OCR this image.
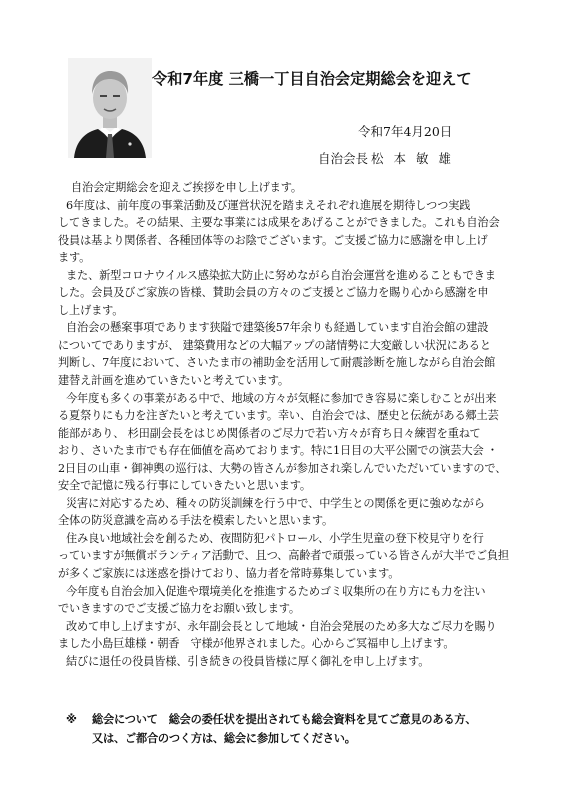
令和7年度 三橋一丁目自治会定期総会を迎えて
令和7年4月20日
自治会長 松 本 敏 雄
自治会定期総会を迎えご挨拶を申し上げます。
6年度は、前年度の事業活動及び運営状況を踏まえそれぞれ進展を期待しつつ実践
してきました。その結果、主要な事業には成果をあげることができました。これも自治会
役員は基より関係者、各種団体等のお陰でございます。ご支援ご協力に感謝を申し上げ
ます。
また、新型コロナウイルス感染拡大防止に努めながら自治会運営を進めることもできま
した。会員及びご家族の皆様、賛助会員の方々のご支援とご協力を賜り心から感謝を申
し上げます。
自治会の懸案事項であります狭隘で建築後57年余りも経過しています自治会館の建設
についてでありますが、 建築費用などの大幅アップの諸情勢に大変厳しい状況にあると
判断し、7年度において、さいたま市の補助金を活用して耐震診断を施しながら自治会館
建替え計画を進めていきたいと考えています。
今年度も多くの事業がある中で、地域の方々が気軽に参加でき容易に楽しむことが出来
る夏祭りにも力を注ぎたいと考えています。幸い、自治会では、歴史と伝統がある郷土芸
能部があり、 杉田副会長をはじめ関係者のご尽力で若い方々が育ち日々練習を重ねて
おり、さいたま市でも存在価値を高めております。特に1日目の大平公園での演芸大会 ・
2日目の山車・御神輿の巡行は、大勢の皆さんが参加され楽しんでいただいていますので、
安全で記憶に残る行事にしていきたいと思います。
災害に対応するため、種々の防災訓練を行う中で、中学生との関係を更に強めながら
全体の防災意識を高める手法を模索したいと思います。
住み良い地域社会を創るため、夜間防犯パトロール、小学生児童の登下校見守りを行
っていますが無償ボランティア活動で、且つ、高齢者で頑張っている皆さんが大半でご負担
が多くご家族には迷惑を掛けており、協力者を常時募集しています。
今年度も自治会加入促進や環境美化を推進するためゴミ収集所の在り方にも力を注い
でいきますのでご支援ご協力をお願い致します。
改めて申し上げますが、永年副会長として地域・自治会発展のため多大なご尽力を賜り
ました小島巨雄様・朝香　守様が他界されました。心からご冥福申し上げます。
結びに退任の役員皆様、引き続きの役員皆様に厚く御礼を申し上げます。
※ 総会について　総会の委任状を提出されても総会資料を見てご意見のある方、
又は、ご都合のつく方は、総会に参加してください。
